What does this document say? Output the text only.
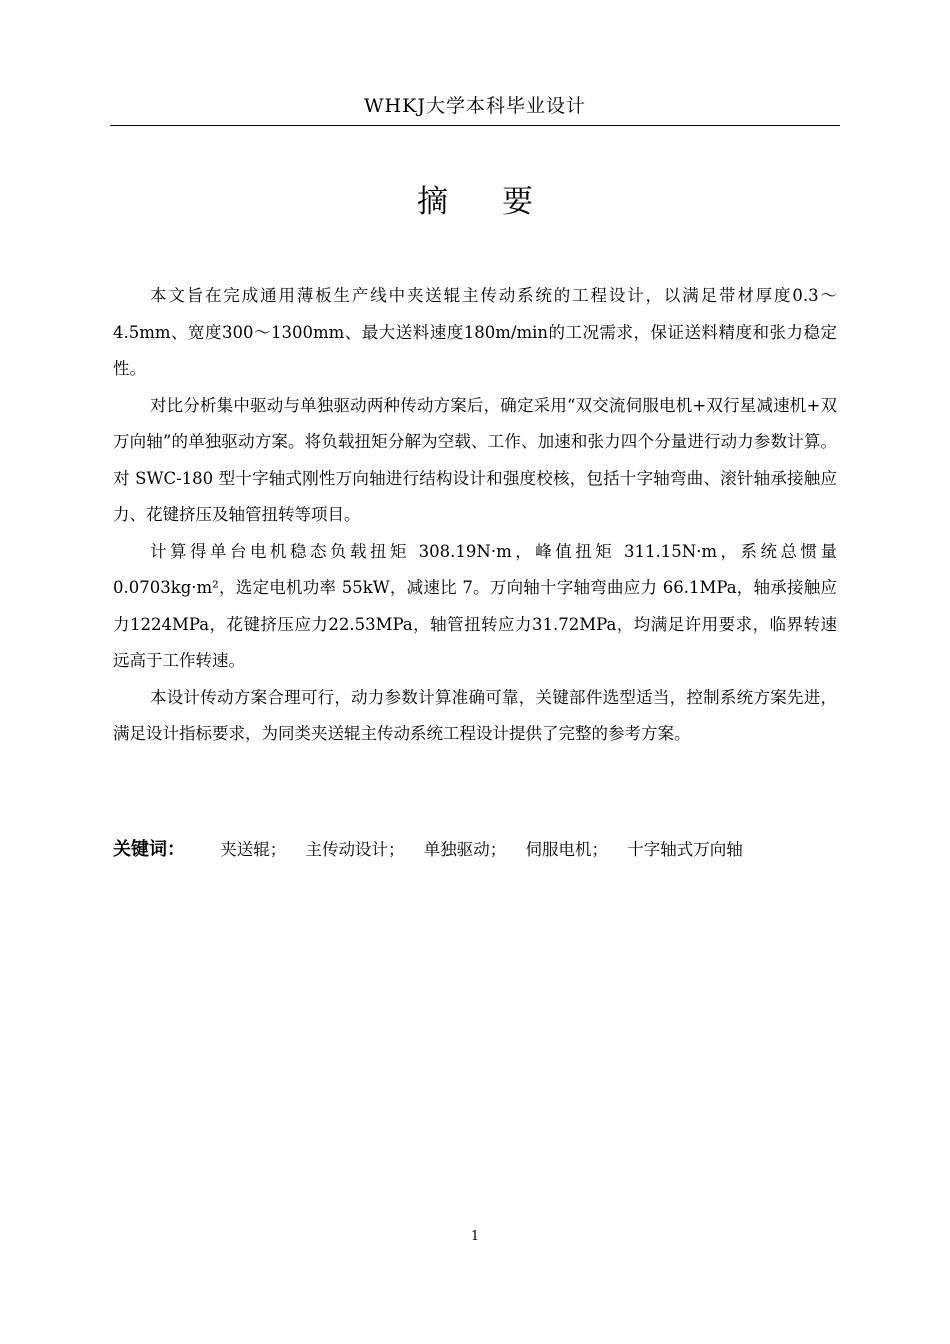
WHKJ大学本科毕业设计
摘 要

本文旨在完成通用薄板生产线中夹送辊主传动系统的工程设计，以满足带材厚度0.3～4.5mm、宽度300～1300mm、最大送料速度180m/min的工况需求，保证送料精度和张力稳定性。

对比分析集中驱动与单独驱动两种传动方案后，确定采用“双交流伺服电机+双行星减速机+双万向轴”的单独驱动方案。将负载扭矩分解为空载、工作、加速和张力四个分量进行动力参数计算。对 SWC-180 型十字轴式刚性万向轴进行结构设计和强度校核，包括十字轴弯曲、滚针轴承接触应力、花键挤压及轴管扭转等项目。

计算得单台电机稳态负载扭矩 308.19N·m，峰值扭矩 311.15N·m，系统总惯量0.0703kg·m²，选定电机功率 55kW，减速比 7。万向轴十字轴弯曲应力 66.1MPa，轴承接触应力1224MPa，花键挤压应力22.53MPa，轴管扭转应力31.72MPa，均满足许用要求，临界转速远高于工作转速。

本设计传动方案合理可行，动力参数计算准确可靠，关键部件选型适当，控制系统方案先进，满足设计指标要求，为同类夹送辊主传动系统工程设计提供了完整的参考方案。

关键词： 夹送辊； 主传动设计； 单独驱动； 伺服电机； 十字轴式万向轴
1
